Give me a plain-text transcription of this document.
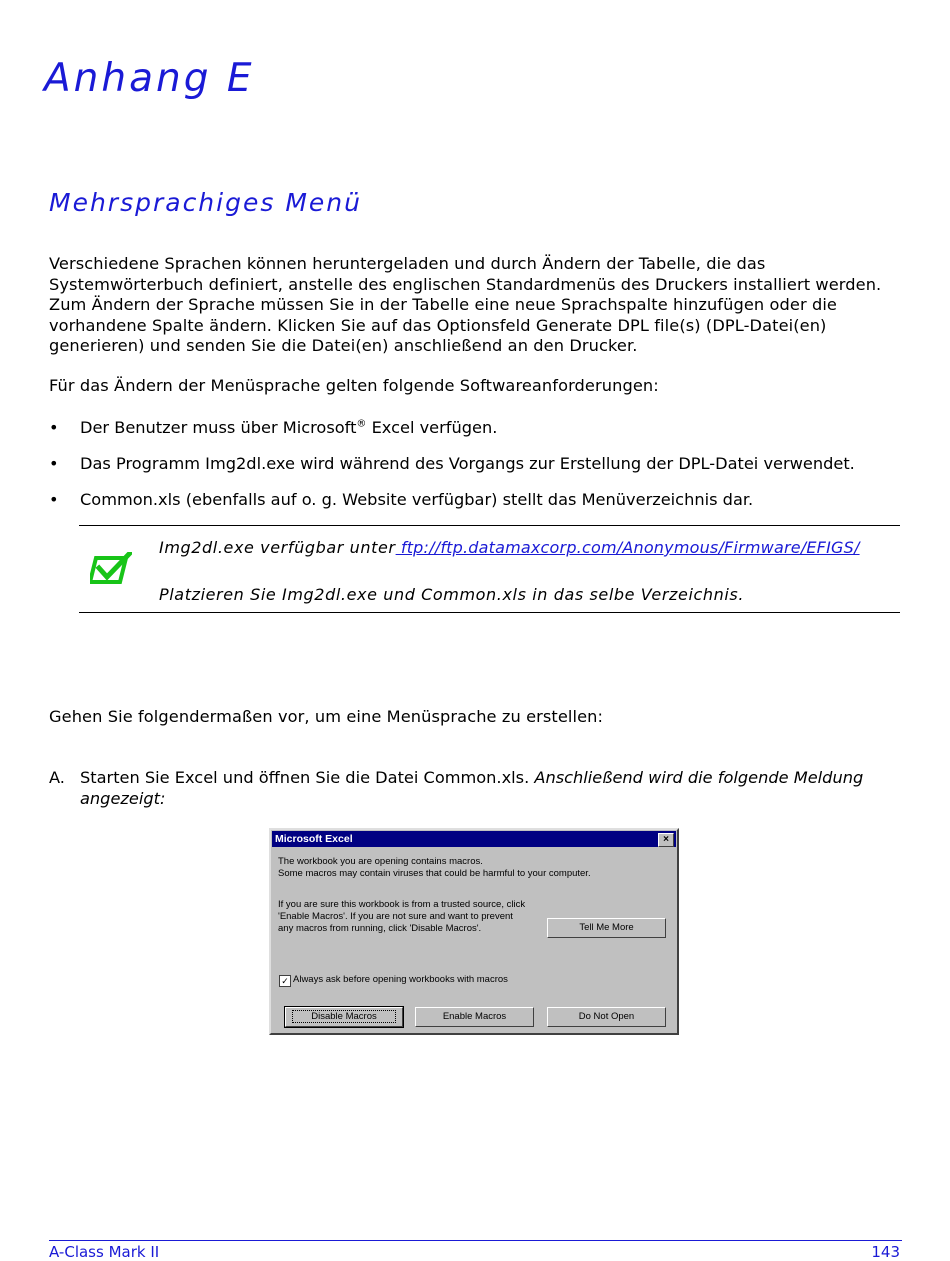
Anhang E
Mehrsprachiges Menü
Verschiedene Sprachen können heruntergeladen und durch Ändern der Tabelle, die das Systemwörterbuch definiert, anstelle des englischen Standardmenüs des Druckers installiert werden. Zum Ändern der Sprache müssen Sie in der Tabelle eine neue Sprachspalte hinzufügen oder die vorhandene Spalte ändern. Klicken Sie auf das Optionsfeld Generate DPL file(s) (DPL-Datei(en) generieren) und senden Sie die Datei(en) anschließend an den Drucker.
Für das Ändern der Menüsprache gelten folgende Softwareanforderungen:
•	Der Benutzer muss über Microsoft® Excel verfügen.
•	Das Programm Img2dl.exe wird während des Vorgangs zur Erstellung der DPL-Datei verwendet.
•	Common.xls (ebenfalls auf o. g. Website verfügbar) stellt das Menüverzeichnis dar.
Img2dl.exe verfügbar unter ftp://ftp.datamaxcorp.com/Anonymous/Firmware/EFIGS/
Platzieren Sie Img2dl.exe und Common.xls in das selbe Verzeichnis.
Gehen Sie folgendermaßen vor, um eine Menüsprache zu erstellen:
A. Starten Sie Excel und öffnen Sie die Datei Common.xls. Anschließend wird die folgende Meldung angezeigt:
Microsoft Excel	×
The workbook you are opening contains macros.
Some macros may contain viruses that could be harmful to your computer.
If you are sure this workbook is from a trusted source, click
'Enable Macros'. If you are not sure and want to prevent
any macros from running, click 'Disable Macros'.	Tell Me More
✓ Always ask before opening workbooks with macros
Disable Macros	Enable Macros	Do Not Open
A-Class Mark II	143
